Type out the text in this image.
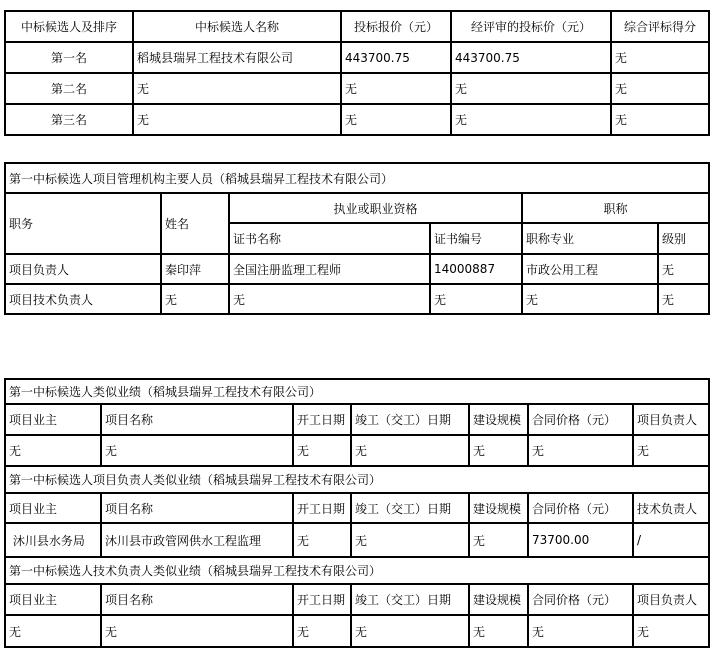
中标候选人及排序	中标候选人名称	投标报价（元）	经评审的投标价（元）	综合评标得分
第一名	稻城县瑞昇工程技术有限公司	443700.75	443700.75	无
第二名	无	无	无	无
第三名	无	无	无	无
第一中标候选人项目管理机构主要人员（稻城县瑞昇工程技术有限公司）					
职务	姓名	执业或职业资格		职称	
		证书名称	证书编号	职称专业	级别
项目负责人	秦印萍	全国注册监理工程师	14000887	市政公用工程	无
项目技术负责人	无	无	无	无	无
第一中标候选人类似业绩（稻城县瑞昇工程技术有限公司）						
项目业主	项目名称	开工日期	竣工（交工）日期	建设规模	合同价格（元）	项目负责人
无	无	无	无	无	无	无
第一中标候选人项目负责人类似业绩（稻城县瑞昇工程技术有限公司）						
项目业主	项目名称	开工日期	竣工（交工）日期	建设规模	合同价格（元）	技术负责人
沐川县水务局	沐川县市政管网供水工程监理	无	无	无	73700.00	/
第一中标候选人技术负责人类似业绩（稻城县瑞昇工程技术有限公司）						
项目业主	项目名称	开工日期	竣工（交工）日期	建设规模	合同价格（元）	项目负责人
无	无	无	无	无	无	无
